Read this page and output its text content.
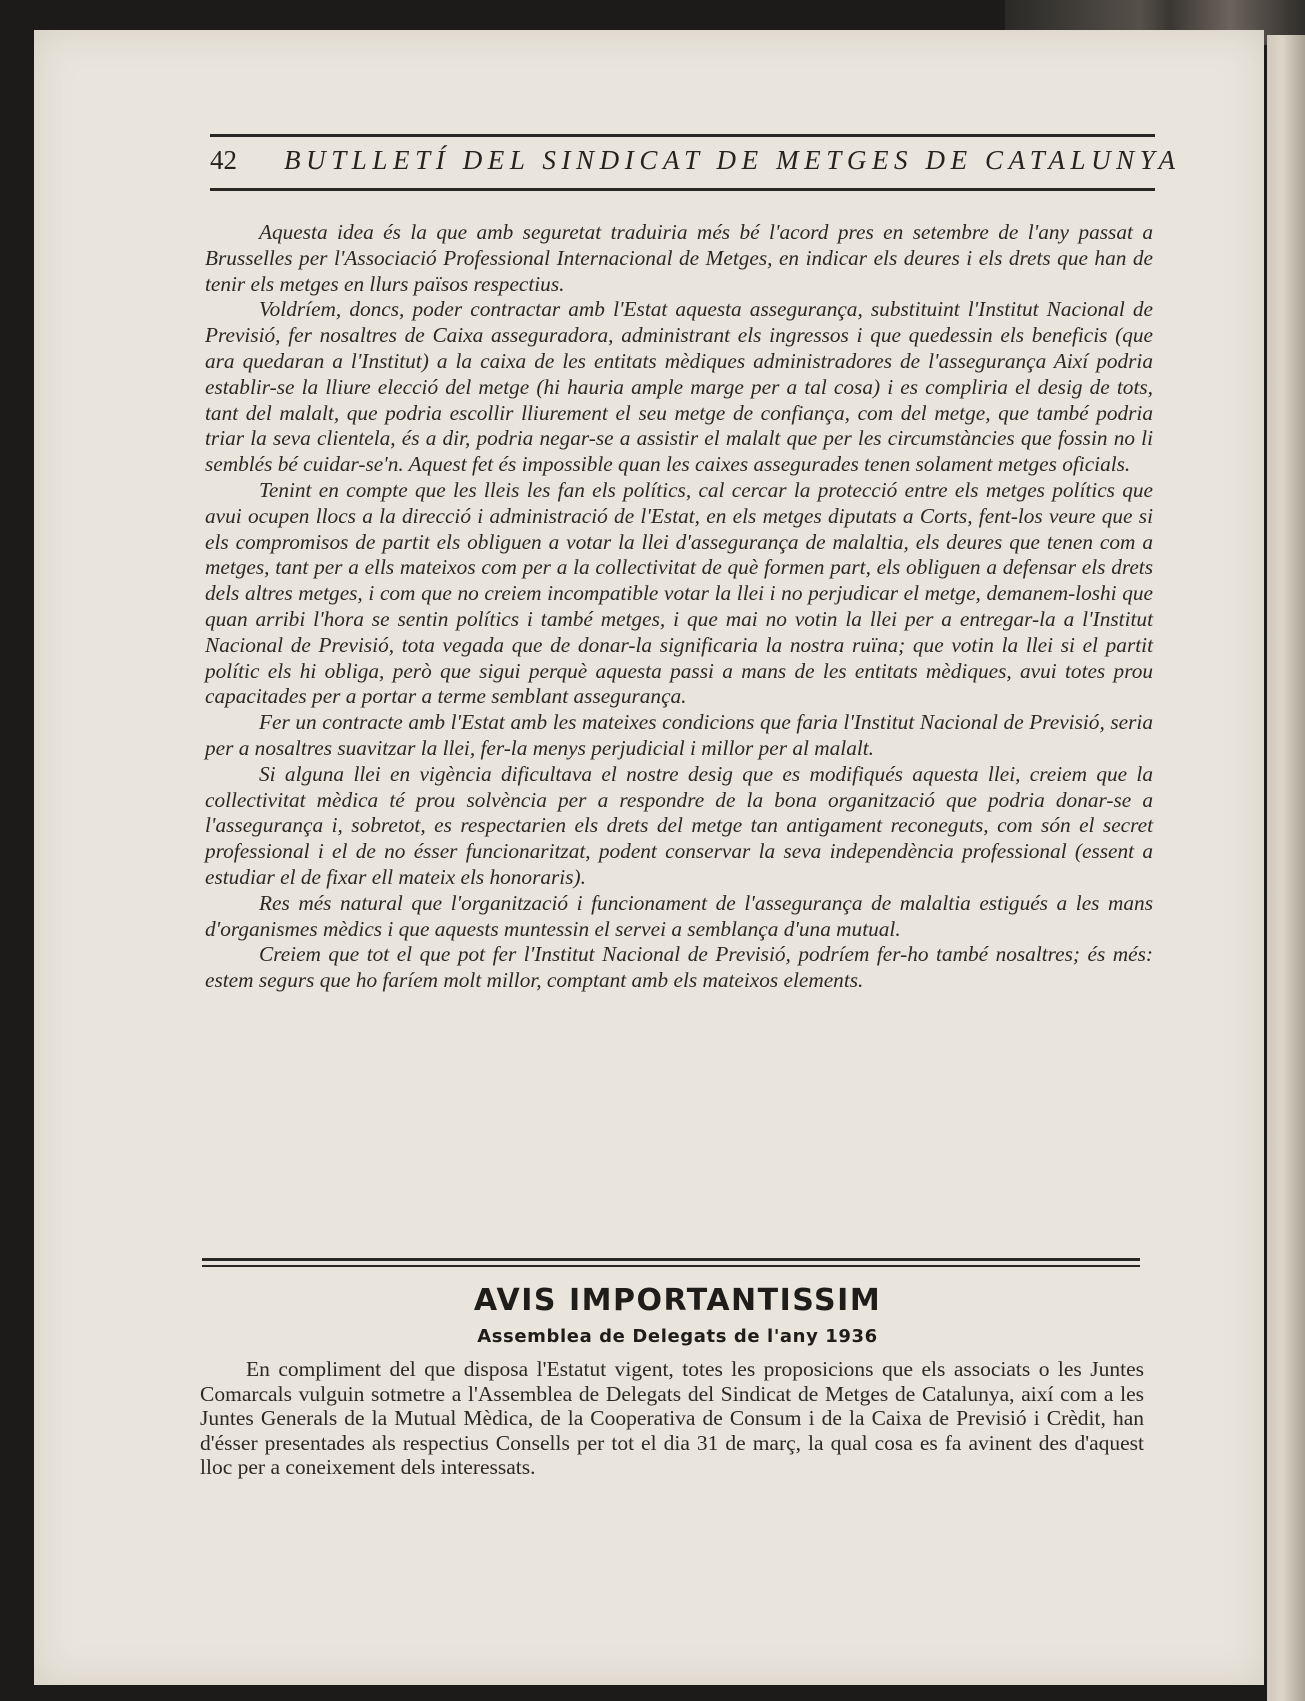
42 BUTLLETÍ DEL SINDICAT DE METGES DE CATALUNYA

Aquesta idea és la que amb seguretat traduiria més bé l'acord pres en setembre de l'any passat a Brusselles per l'Associació Professional Internacional de Metges, en indicar els deures i els drets que han de tenir els metges en llurs països respectius.

Voldríem, doncs, poder contractar amb l'Estat aquesta assegurança, substituint l'Institut Nacional de Previsió, fer nosaltres de Caixa asseguradora, administrant els ingressos i que quedessin els beneficis (que ara quedaran a l'Institut) a la caixa de les entitats mèdiques administradores de l'assegurança Així podria establir-se la lliure elecció del metge (hi hauria ample marge per a tal cosa) i es compliria el desig de tots, tant del malalt, que podria escollir lliurement el seu metge de confiança, com del metge, que també podria triar la seva clientela, és a dir, podria negar-se a assistir el malalt que per les circumstàncies que fossin no li semblés bé cuidar-se'n. Aquest fet és impossible quan les caixes assegurades tenen solament metges oficials.

Tenint en compte que les lleis les fan els polítics, cal cercar la protecció entre els metges polítics que avui ocupen llocs a la direcció i administració de l'Estat, en els metges diputats a Corts, fent-los veure que si els compromisos de partit els obliguen a votar la llei d'assegurança de malaltia, els deures que tenen com a metges, tant per a ells mateixos com per a la collectivitat de què formen part, els obliguen a defensar els drets dels altres metges, i com que no creiem incompatible votar la llei i no perjudicar el metge, demanem-loshi que quan arribi l'hora se sentin polítics i també metges, i que mai no votin la llei per a entregar-la a l'Institut Nacional de Previsió, tota vegada que de donar-la significaria la nostra ruïna; que votin la llei si el partit polític els hi obliga, però que sigui perquè aquesta passi a mans de les entitats mèdiques, avui totes prou capacitades per a portar a terme semblant assegurança.

Fer un contracte amb l'Estat amb les mateixes condicions que faria l'Institut Nacional de Previsió, seria per a nosaltres suavitzar la llei, fer-la menys perjudicial i millor per al malalt.

Si alguna llei en vigència dificultava el nostre desig que es modifiqués aquesta llei, creiem que la collectivitat mèdica té prou solvència per a respondre de la bona organització que podria donar-se a l'assegurança i, sobretot, es respectarien els drets del metge tan antigament reconeguts, com són el secret professional i el de no ésser funcionaritzat, podent conservar la seva independència professional (essent a estudiar el de fixar ell mateix els honoraris).

Res més natural que l'organització i funcionament de l'assegurança de malaltia estigués a les mans d'organismes mèdics i que aquests muntessin el servei a semblança d'una mutual.

Creiem que tot el que pot fer l'Institut Nacional de Previsió, podríem fer-ho també nosaltres; és més: estem segurs que ho faríem molt millor, comptant amb els mateixos elements.

AVIS IMPORTANTISSIM
Assemblea de Delegats de l'any 1936

En compliment del que disposa l'Estatut vigent, totes les proposicions que els associats o les Juntes Comarcals vulguin sotmetre a l'Assemblea de Delegats del Sindicat de Metges de Catalunya, així com a les Juntes Generals de la Mutual Mèdica, de la Cooperativa de Consum i de la Caixa de Previsió i Crèdit, han d'ésser presentades als respectius Consells per tot el dia 31 de març, la qual cosa es fa avinent des d'aquest lloc per a coneixement dels interessats.
